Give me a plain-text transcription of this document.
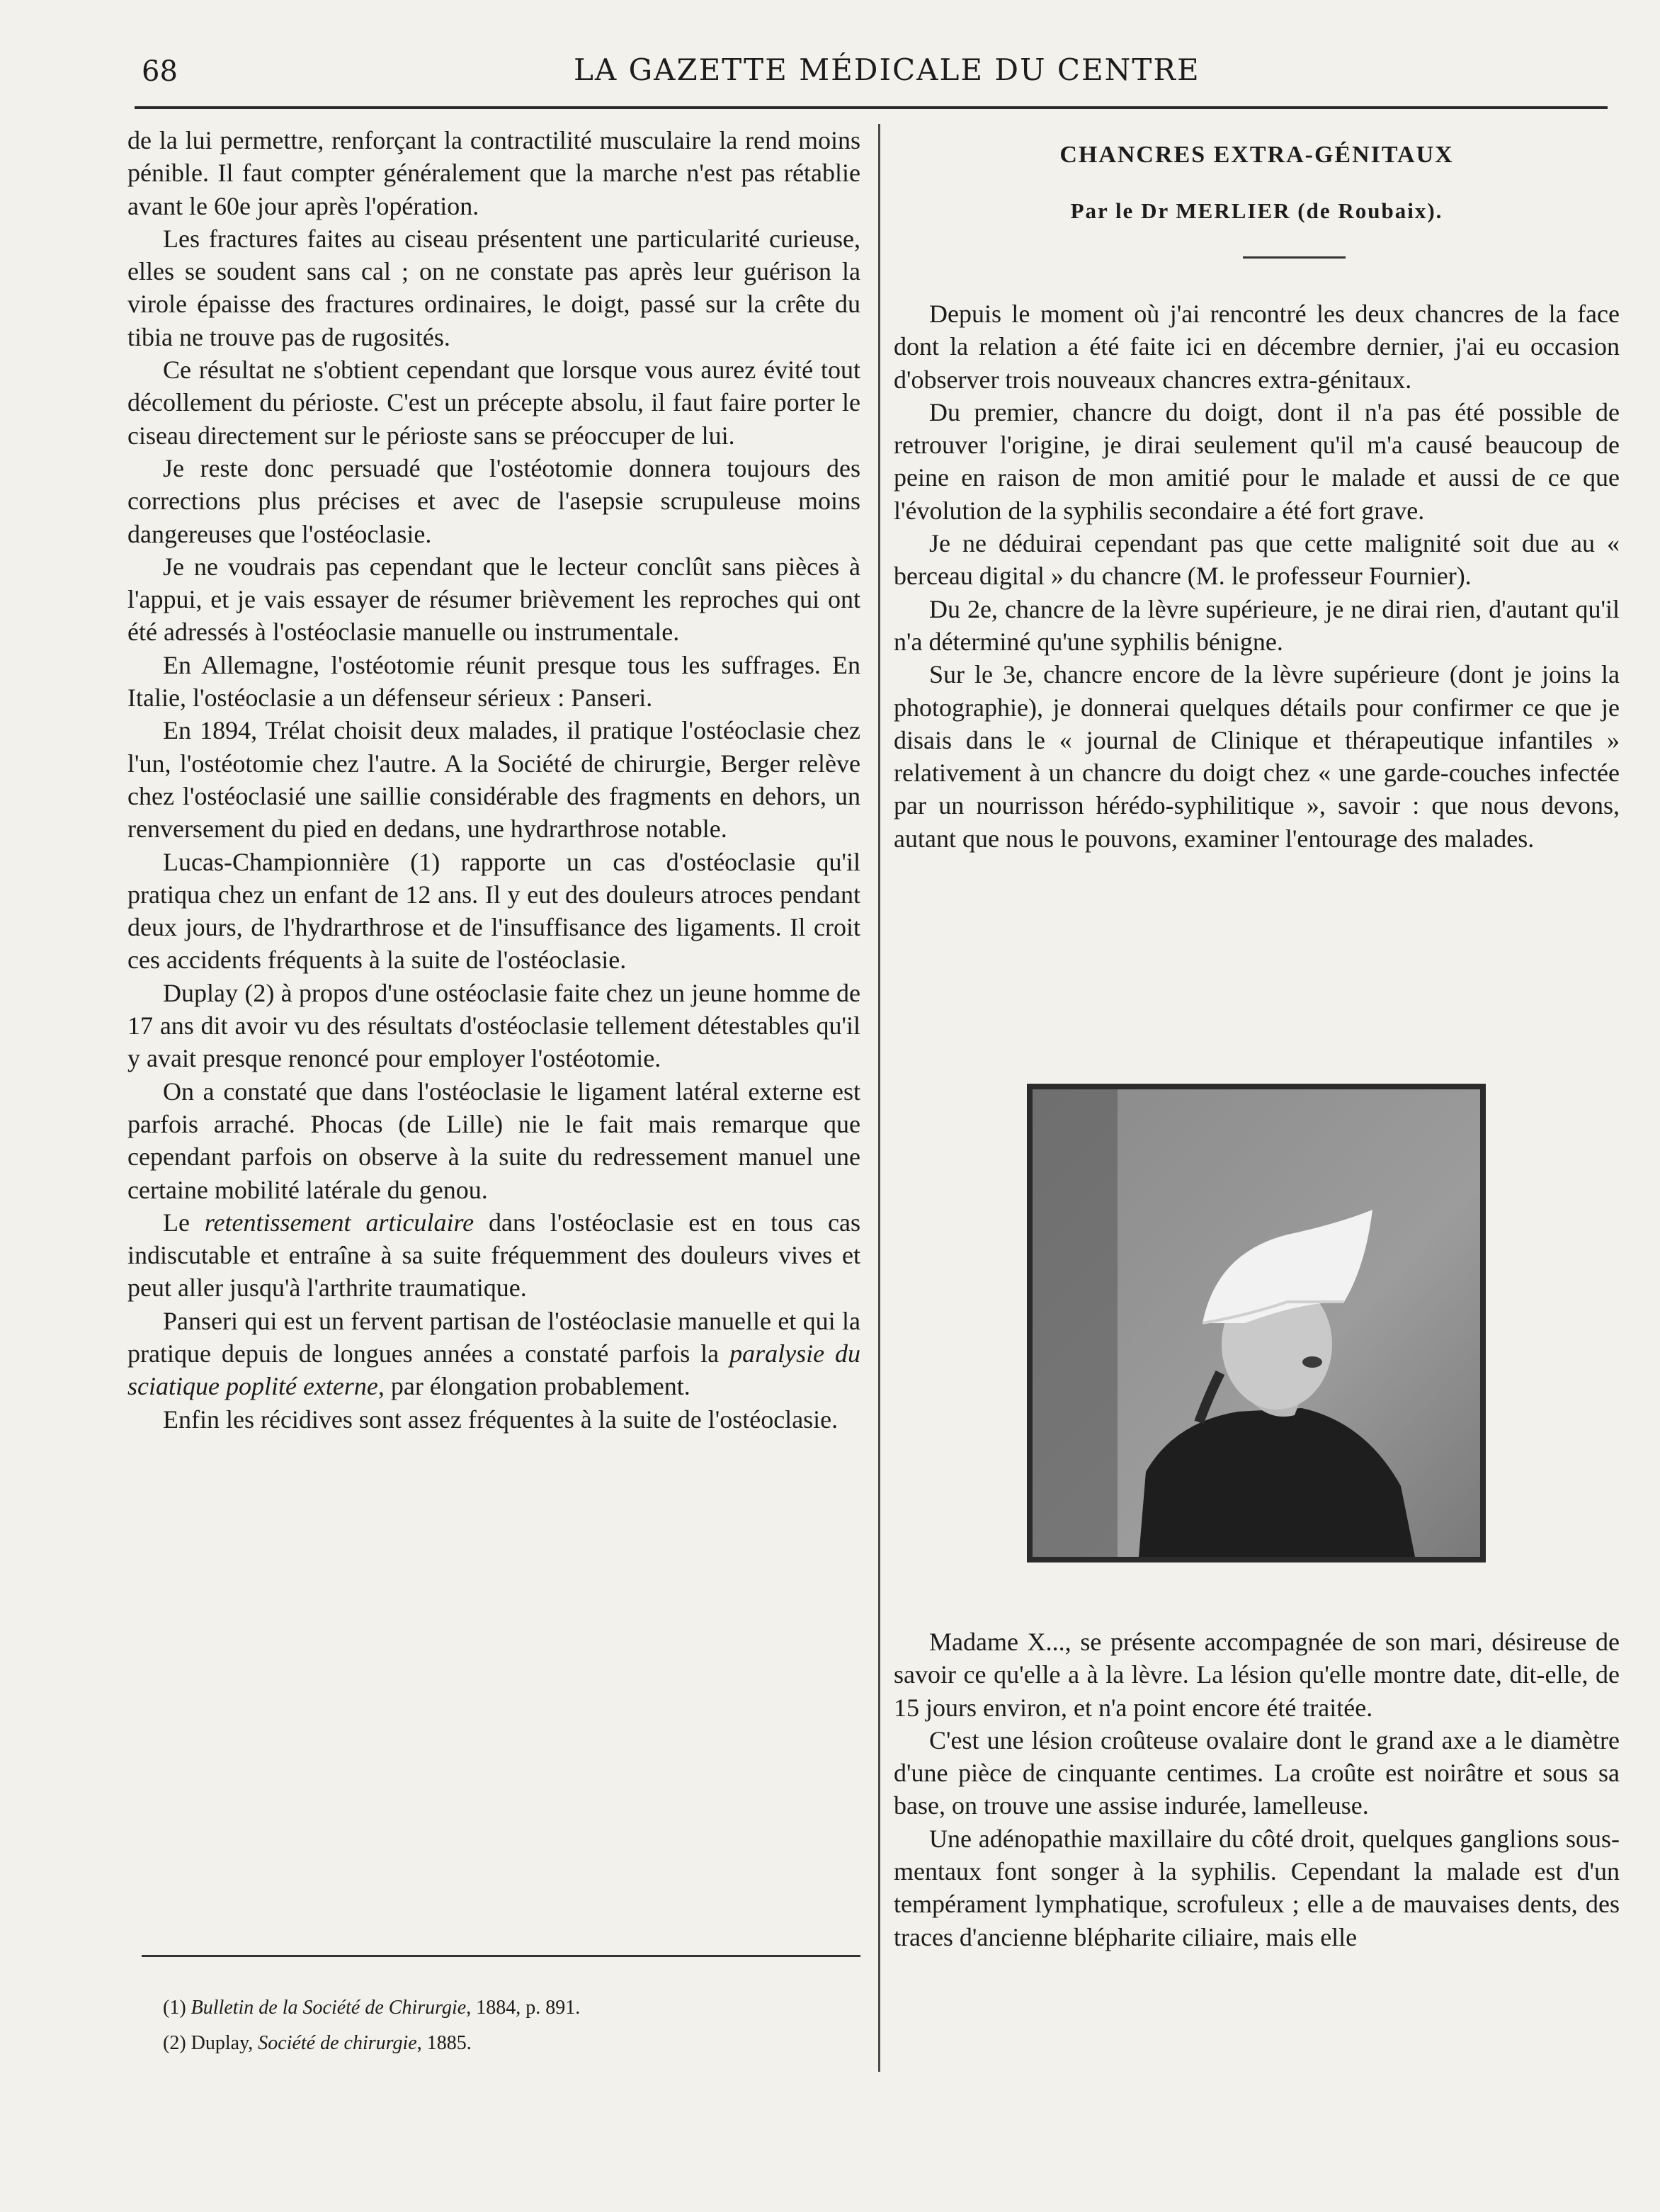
68	LA GAZETTE MÉDICALE DU CENTRE

de la lui permettre, renforçant la contractilité musculaire la rend moins pénible. Il faut compter généralement que la marche n'est pas rétablie avant le 60e jour après l'opération.

Les fractures faites au ciseau présentent une particularité curieuse, elles se soudent sans cal ; on ne constate pas après leur guérison la virole épaisse des fractures ordinaires, le doigt, passé sur la crête du tibia ne trouve pas de rugosités.

Ce résultat ne s'obtient cependant que lorsque vous aurez évité tout décollement du périoste. C'est un précepte absolu, il faut faire porter le ciseau directement sur le périoste sans se préoccuper de lui.

Je reste donc persuadé que l'ostéotomie donnera toujours des corrections plus précises et avec de l'asepsie scrupuleuse moins dangereuses que l'ostéoclasie.

Je ne voudrais pas cependant que le lecteur conclût sans pièces à l'appui, et je vais essayer de résumer brièvement les reproches qui ont été adressés à l'ostéoclasie manuelle ou instrumentale.

En Allemagne, l'ostéotomie réunit presque tous les suffrages. En Italie, l'ostéoclasie a un défenseur sérieux : Panseri.

En 1894, Trélat choisit deux malades, il pratique l'ostéoclasie chez l'un, l'ostéotomie chez l'autre. A la Société de chirurgie, Berger relève chez l'ostéoclasié une saillie considérable des fragments en dehors, un renversement du pied en dedans, une hydrarthrose notable.

Lucas-Championnière (1) rapporte un cas d'ostéoclasie qu'il pratiqua chez un enfant de 12 ans. Il y eut des douleurs atroces pendant deux jours, de l'hydrarthrose et de l'insuffisance des ligaments. Il croit ces accidents fréquents à la suite de l'ostéoclasie.

Duplay (2) à propos d'une ostéoclasie faite chez un jeune homme de 17 ans dit avoir vu des résultats d'ostéoclasie tellement détestables qu'il y avait presque renoncé pour employer l'ostéotomie.

On a constaté que dans l'ostéoclasie le ligament latéral externe est parfois arraché. Phocas (de Lille) nie le fait mais remarque que cependant parfois on observe à la suite du redressement manuel une certaine mobilité latérale du genou.

Le retentissement articulaire dans l'ostéoclasie est en tous cas indiscutable et entraîne à sa suite fréquemment des douleurs vives et peut aller jusqu'à l'arthrite traumatique.

Panseri qui est un fervent partisan de l'ostéoclasie manuelle et qui la pratique depuis de longues années a constaté parfois la paralysie du sciatique poplité externe, par élongation probablement.

Enfin les récidives sont assez fréquentes à la suite de l'ostéoclasie.

(1) Bulletin de la Société de Chirurgie, 1884, p. 891.
(2) Duplay, Société de chirurgie, 1885.
CHANCRES EXTRA-GÉNITAUX
Par le Dr MERLIER (de Roubaix).

Depuis le moment où j'ai rencontré les deux chancres de la face dont la relation a été faite ici en décembre dernier, j'ai eu occasion d'observer trois nouveaux chancres extra-génitaux.

Du premier, chancre du doigt, dont il n'a pas été possible de retrouver l'origine, je dirai seulement qu'il m'a causé beaucoup de peine en raison de mon amitié pour le malade et aussi de ce que l'évolution de la syphilis secondaire a été fort grave.

Je ne déduirai cependant pas que cette malignité soit due au « berceau digital » du chancre (M. le professeur Fournier).

Du 2e, chancre de la lèvre supérieure, je ne dirai rien, d'autant qu'il n'a déterminé qu'une syphilis bénigne.

Sur le 3e, chancre encore de la lèvre supérieure (dont je joins la photographie), je donnerai quelques détails pour confirmer ce que je disais dans le « journal de Clinique et thérapeutique infantiles » relativement à un chancre du doigt chez « une garde-couches infectée par un nourrisson hérédo-syphilitique », savoir : que nous devons, autant que nous le pouvons, examiner l'entourage des malades.

Madame X..., se présente accompagnée de son mari, désireuse de savoir ce qu'elle a à la lèvre. La lésion qu'elle montre date, dit-elle, de 15 jours environ, et n'a point encore été traitée.

C'est une lésion croûteuse ovalaire dont le grand axe a le diamètre d'une pièce de cinquante centimes. La croûte est noirâtre et sous sa base, on trouve une assise indurée, lamelleuse.

Une adénopathie maxillaire du côté droit, quelques ganglions sous-mentaux font songer à la syphilis. Cependant la malade est d'un tempérament lymphatique, scrofuleux ; elle a de mauvaises dents, des traces d'ancienne blépharite ciliaire, mais elle
